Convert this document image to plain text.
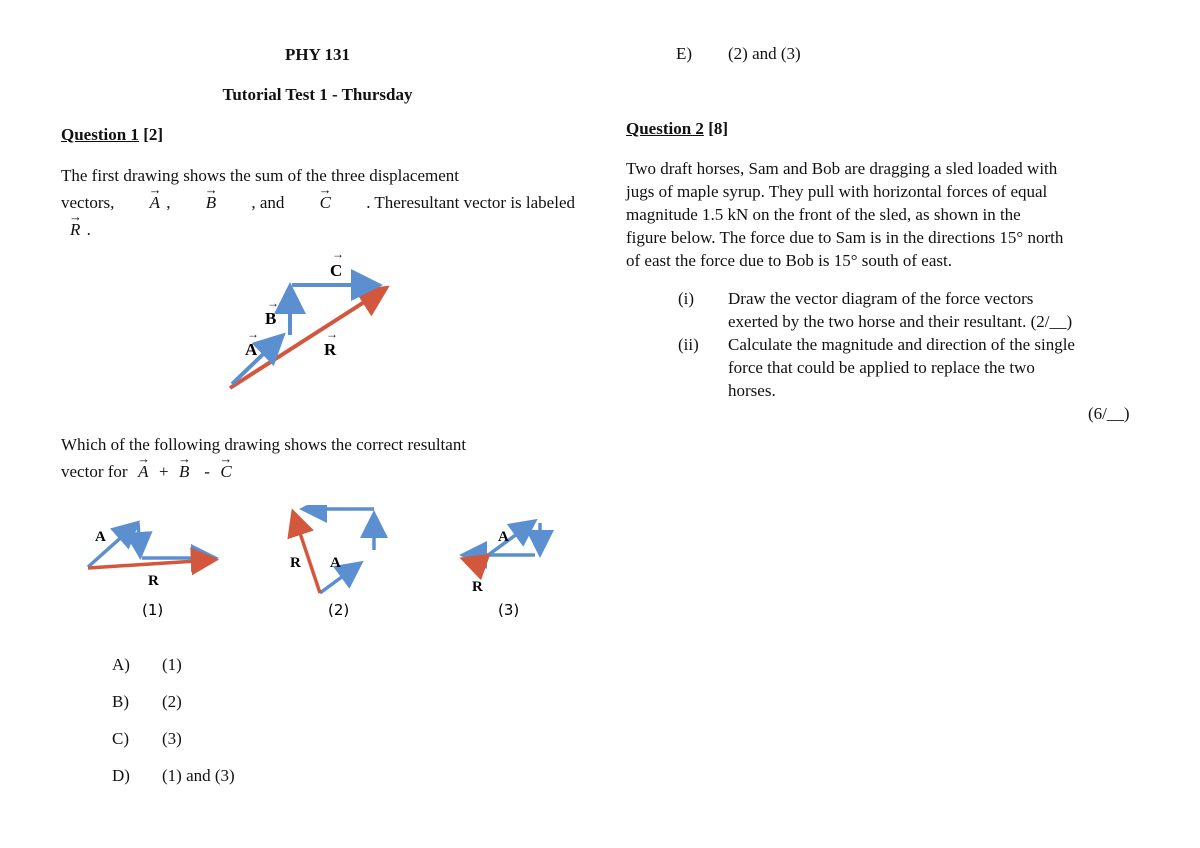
PHY 131
Tutorial Test 1 - Thursday
Question 1 [2]
The first drawing shows the sum of the three displacement
vectors, → A , → B , and → C . Theresultant vector is labeled
→ R .
C
→
B
→
A
→
R
→
Which of the following drawing shows the correct resultant
vector for → A + → B - → C
A
R
(1)
R A
(2)
A
R
(3)
A) (1)
B) (2)
C) (3)
D) (1) and (3)
E) (2) and (3)
Question 2 [8]
Two draft horses, Sam and Bob are dragging a sled loaded with
jugs of maple syrup. They pull with horizontal forces of equal
magnitude 1.5 kN on the front of the sled, as shown in the
figure below. The force due to Sam is in the directions 15° north
of east the force due to Bob is 15° south of east.
(i) Draw the vector diagram of the force vectors
exerted by the two horse and their resultant. (2/__)
(ii) Calculate the magnitude and direction of the single
force that could be applied to replace the two
horses.
(6/__)
